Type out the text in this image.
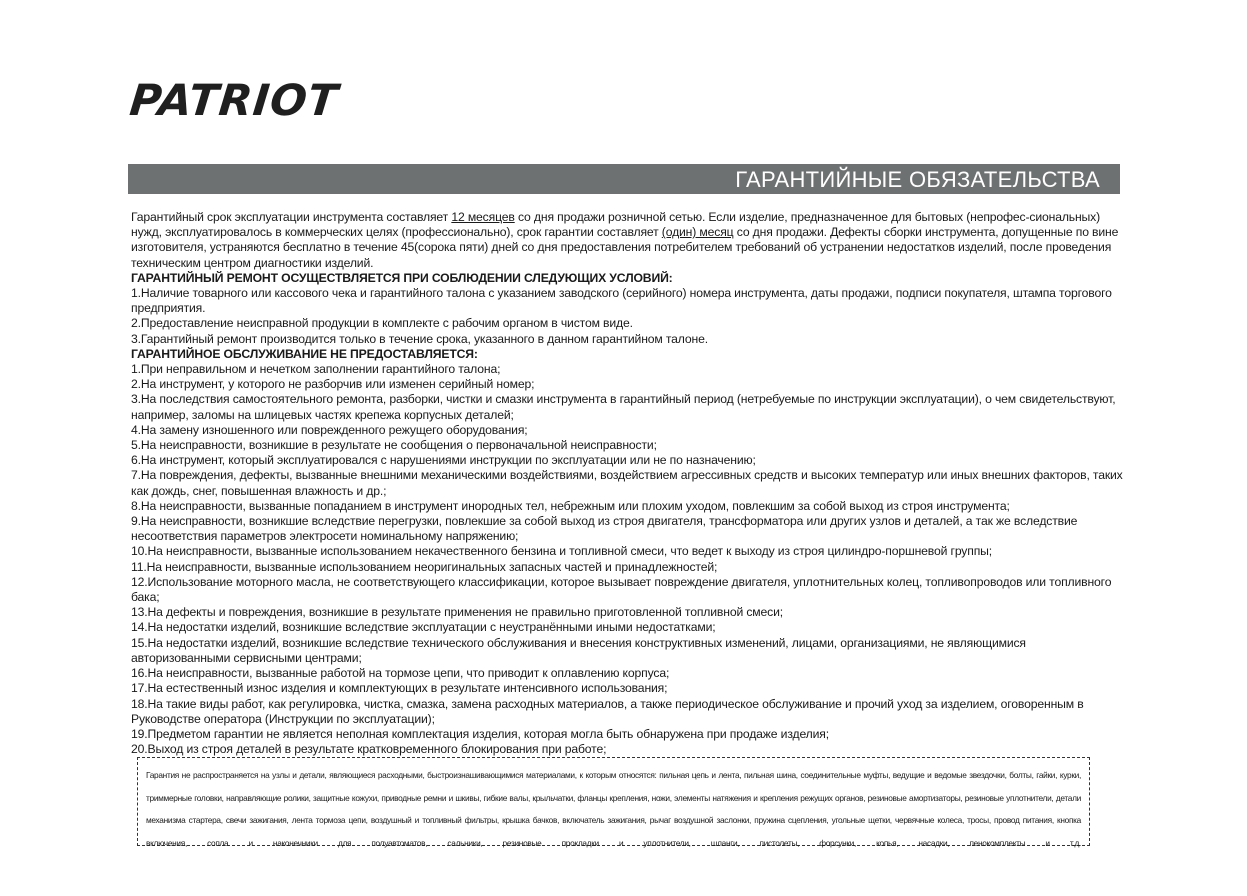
PATRIOT
ГАРАНТИЙНЫЕ ОБЯЗАТЕЛЬСТВА

Гарантийный срок эксплуатации инструмента составляет 12 месяцев со дня продажи розничной сетью. Если изделие, предназначенное для бытовых (непрофес-сиональных) нужд, эксплуатировалось в коммерческих целях (профессионально), срок гарантии составляет (один) месяц со дня продажи. Дефекты сборки инструмента, допущенные по вине изготовителя, устраняются бесплатно в течение 45(сорока пяти) дней со дня предоставления потребителем требований об устранении недостатков изделий, после проведения техническим центром диагностики изделий.

ГАРАНТИЙНЫЙ РЕМОНТ ОСУЩЕСТВЛЯЕТСЯ ПРИ СОБЛЮДЕНИИ СЛЕДУЮЩИХ УСЛОВИЙ:

1.Наличие товарного или кассового чека и гарантийного талона с указанием заводского (серийного) номера инструмента, даты продажи, подписи покупателя, штампа торгового предприятия.

2.Предоставление неисправной продукции в комплекте с рабочим органом в чистом виде.

3.Гарантийный ремонт производится только в течение срока, указанного в данном гарантийном талоне.

ГАРАНТИЙНОЕ ОБСЛУЖИВАНИЕ НЕ ПРЕДОСТАВЛЯЕТСЯ:

1.При неправильном и нечетком заполнении гарантийного талона;

2.На инструмент, у которого не разборчив или изменен серийный номер;

3.На последствия самостоятельного ремонта, разборки, чистки и смазки инструмента в гарантийный период (нетребуемые по инструкции эксплуатации), о чем свидетельствуют, например, заломы на шлицевых частях крепежа корпусных деталей;

4.На замену изношенного или поврежденного режущего оборудования;

5.На неисправности, возникшие в результате не сообщения о первоначальной неисправности;

6.На инструмент, который эксплуатировался с нарушениями инструкции по эксплуатации или не по назначению;

7.На повреждения, дефекты, вызванные внешними механическими воздействиями, воздействием агрессивных средств и высоких температур или иных внешних факторов, таких как дождь, снег, повышенная влажность и др.;

8.На неисправности, вызванные попаданием в инструмент инородных тел, небрежным или плохим уходом, повлекшим за собой выход из строя инструмента;

9.На неисправности, возникшие вследствие перегрузки, повлекшие за собой выход из строя двигателя, трансформатора или других узлов и деталей, а так же вследствие несоответствия параметров электросети номинальному напряжению;

10.На неисправности, вызванные использованием некачественного бензина и топливной смеси, что ведет к выходу из строя цилиндро-поршневой группы;

11.На неисправности, вызванные использованием неоригинальных запасных частей и принадлежностей;

12.Использование моторного масла, не соответствующего классификации, которое вызывает повреждение двигателя, уплотнительных колец, топливопроводов или топливного бака;

13.На дефекты и повреждения, возникшие в результате применения не правильно приготовленной топливной смеси;

14.На недостатки изделий, возникшие вследствие эксплуатации с неустранёнными иными недостатками;

15.На недостатки изделий, возникшие вследствие технического обслуживания и внесения конструктивных изменений, лицами, организациями, не являющимися авторизованными сервисными центрами;

16.На неисправности, вызванные работой на тормозе цепи, что приводит к оплавлению корпуса;

17.На естественный износ изделия и комплектующих в результате интенсивного использования;

18.На такие виды работ, как регулировка, чистка, смазка, замена расходных материалов, а также периодическое обслуживание и прочий уход за изделием, оговоренным в Руководстве оператора (Инструкции по эксплуатации);

19.Предметом гарантии не является неполная комплектация изделия, которая могла быть обнаружена при продаже изделия;

20.Выход из строя деталей в результате кратковременного блокирования при работе;

Гарантия не распространяется на узлы и детали, являющиеся расходными, быстроизнашивающимися материалами, к которым относятся: пильная цепь и лента, пильная шина, соединительные муфты, ведущие и ведомые звездочки, болты, гайки, курки, триммерные головки, направляющие ролики, защитные кожухи, приводные ремни и шкивы, гибкие валы, крыльчатки, фланцы крепления, ножи, элементы натяжения и крепления режущих органов, резиновые амортизаторы, резиновые уплотнители, детали механизма стартера, свечи зажигания, лента тормоза цепи, воздушный и топливный фильтры, крышка бачков, включатель зажигания, рычаг воздушной заслонки, пружина сцепления, угольные щетки, червячные колеса, тросы, провод питания, кнопка включения, сопла и наконечники для полуавтоматов, сальники, резиновые прокладки и уплотнители, шланги, пистолеты, форсунки, копья, насадки, пенокомплекты и т.д.
